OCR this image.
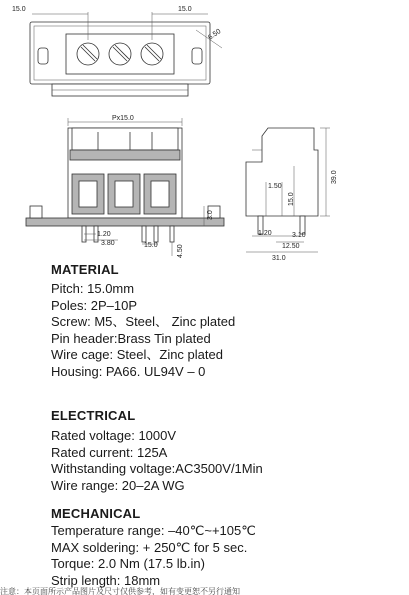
15.0	15.0
6.50
Px15.0
1.20
3.80	15.0
3.0
4.50
1.50
15.0
39.0
1.20	3.10
12.50
31.0
MATERIAL
Pitch: 15.0mm
Poles: 2P–10P
Screw: M5、Steel、 Zinc plated
Pin header:Brass Tin plated
Wire cage: Steel、Zinc plated
Housing: PA66. UL94V – 0
ELECTRICAL
Rated voltage: 1000V
Rated current: 125A
Withstanding voltage:AC3500V/1Min
Wire range: 20–2A WG
MECHANICAL
Temperature range: –40℃~+105℃
MAX soldering: + 250℃ for 5 sec.
Torque: 2.0 Nm (17.5 lb.in)
Strip length: 18mm
注意：本页面所示产品图片及尺寸仅供参考，如有变更恕不另行通知
